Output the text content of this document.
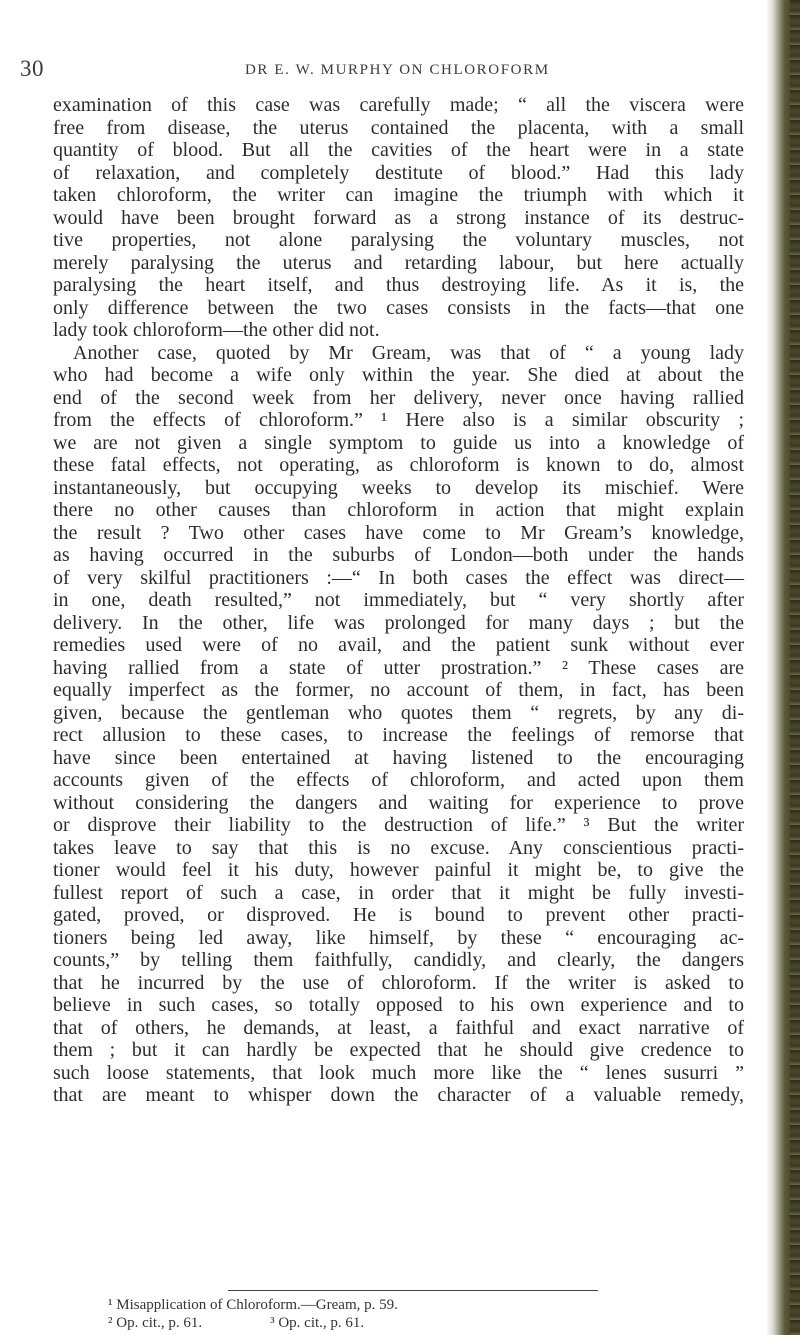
30	DR E. W. MURPHY ON CHLOROFORM
examination of this case was carefully made; “ all the viscera were
free from disease, the uterus contained the placenta, with a small
quantity of blood. But all the cavities of the heart were in a state
of relaxation, and completely destitute of blood.” Had this lady
taken chloroform, the writer can imagine the triumph with which it
would have been brought forward as a strong instance of its destruc-
tive properties, not alone paralysing the voluntary muscles, not
merely paralysing the uterus and retarding labour, but here actually
paralysing the heart itself, and thus destroying life. As it is, the
only difference between the two cases consists in the facts—that one
lady took chloroform—the other did not.
Another case, quoted by Mr Gream, was that of “ a young lady
who had become a wife only within the year. She died at about the
end of the second week from her delivery, never once having rallied
from the effects of chloroform.” ¹ Here also is a similar obscurity ;
we are not given a single symptom to guide us into a knowledge of
these fatal effects, not operating, as chloroform is known to do, almost
instantaneously, but occupying weeks to develop its mischief. Were
there no other causes than chloroform in action that might explain
the result ? Two other cases have come to Mr Gream’s knowledge,
as having occurred in the suburbs of London—both under the hands
of very skilful practitioners :—“ In both cases the effect was direct—
in one, death resulted,” not immediately, but “ very shortly after
delivery. In the other, life was prolonged for many days ; but the
remedies used were of no avail, and the patient sunk without ever
having rallied from a state of utter prostration.” ² These cases are
equally imperfect as the former, no account of them, in fact, has been
given, because the gentleman who quotes them “ regrets, by any di-
rect allusion to these cases, to increase the feelings of remorse that
have since been entertained at having listened to the encouraging
accounts given of the effects of chloroform, and acted upon them
without considering the dangers and waiting for experience to prove
or disprove their liability to the destruction of life.” ³ But the writer
takes leave to say that this is no excuse. Any conscientious practi-
tioner would feel it his duty, however painful it might be, to give the
fullest report of such a case, in order that it might be fully investi-
gated, proved, or disproved. He is bound to prevent other practi-
tioners being led away, like himself, by these “ encouraging ac-
counts,” by telling them faithfully, candidly, and clearly, the dangers
that he incurred by the use of chloroform. If the writer is asked to
believe in such cases, so totally opposed to his own experience and to
that of others, he demands, at least, a faithful and exact narrative of
them ; but it can hardly be expected that he should give credence to
such loose statements, that look much more like the “ lenes susurri ”
that are meant to whisper down the character of a valuable remedy,
¹ Misapplication of Chloroform.—Gream, p. 59.
² Op. cit., p. 61.	³ Op. cit., p. 61.
